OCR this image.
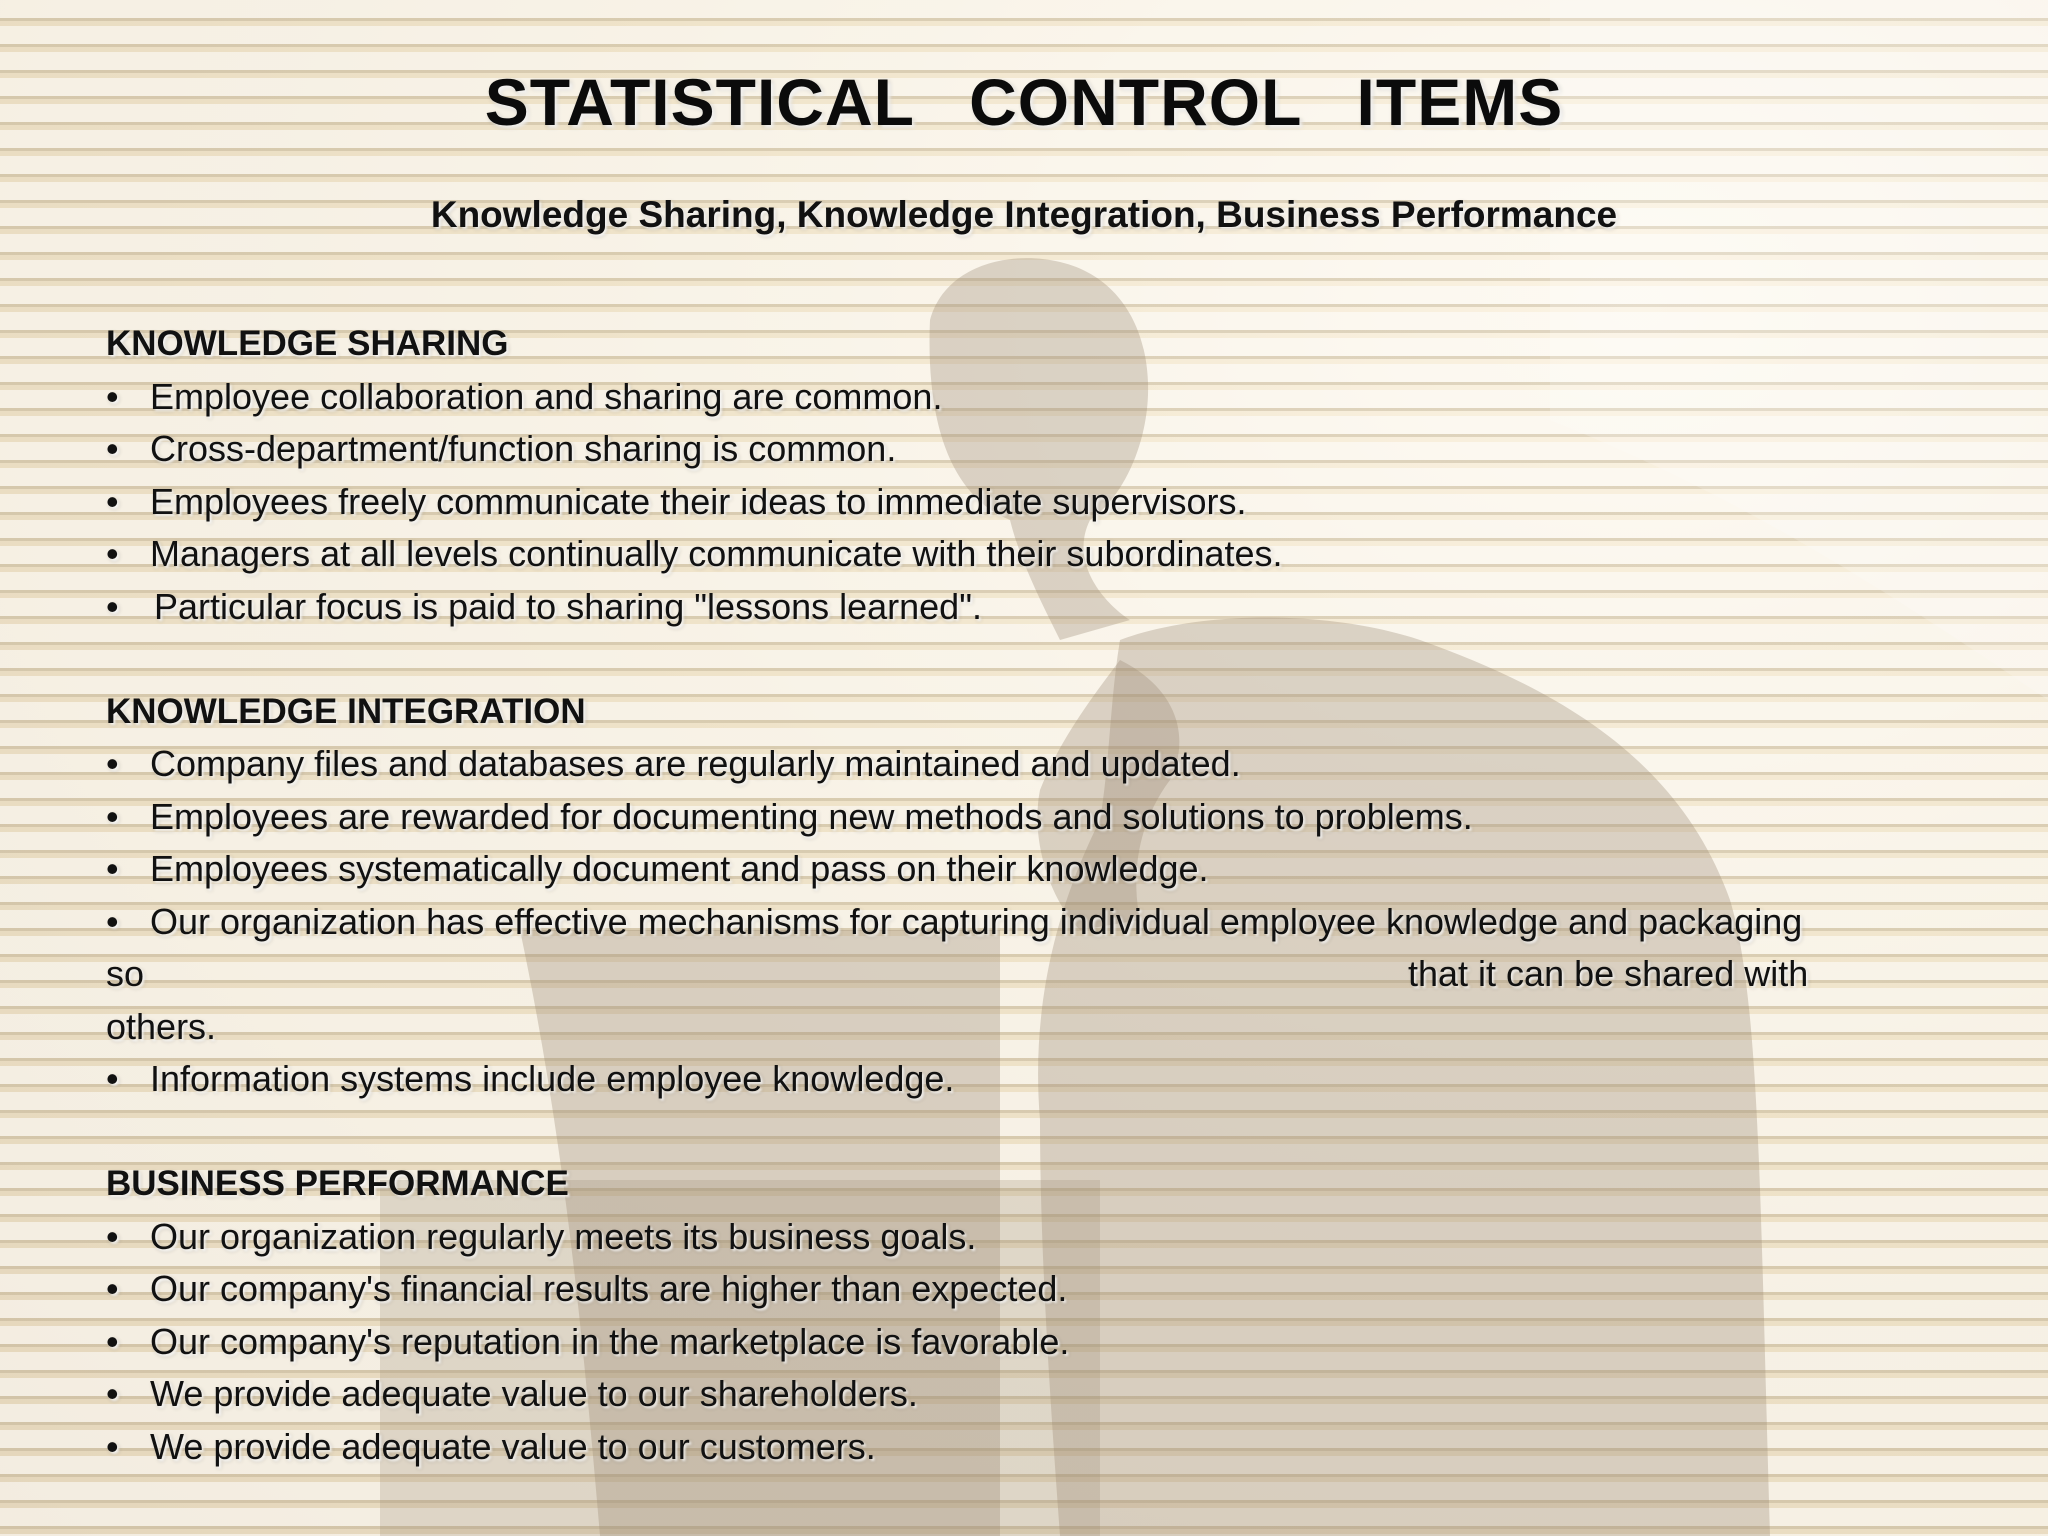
STATISTICAL CONTROL ITEMS
Knowledge Sharing, Knowledge Integration, Business Performance
KNOWLEDGE SHARING
• Employee collaboration and sharing are common.
• Cross-department/function sharing is common.
• Employees freely communicate their ideas to immediate supervisors.
• Managers at all levels continually communicate with their subordinates.
• Particular focus is paid to sharing "lessons learned".
KNOWLEDGE INTEGRATION
• Company files and databases are regularly maintained and updated.
• Employees are rewarded for documenting new methods and solutions to problems.
• Employees systematically document and pass on their knowledge.
• Our organization has effective mechanisms for capturing individual employee knowledge and packaging
so	that it can be shared with
others.
• Information systems include employee knowledge.
BUSINESS PERFORMANCE
• Our organization regularly meets its business goals.
• Our company's financial results are higher than expected.
• Our company's reputation in the marketplace is favorable.
• We provide adequate value to our shareholders.
• We provide adequate value to our customers.
